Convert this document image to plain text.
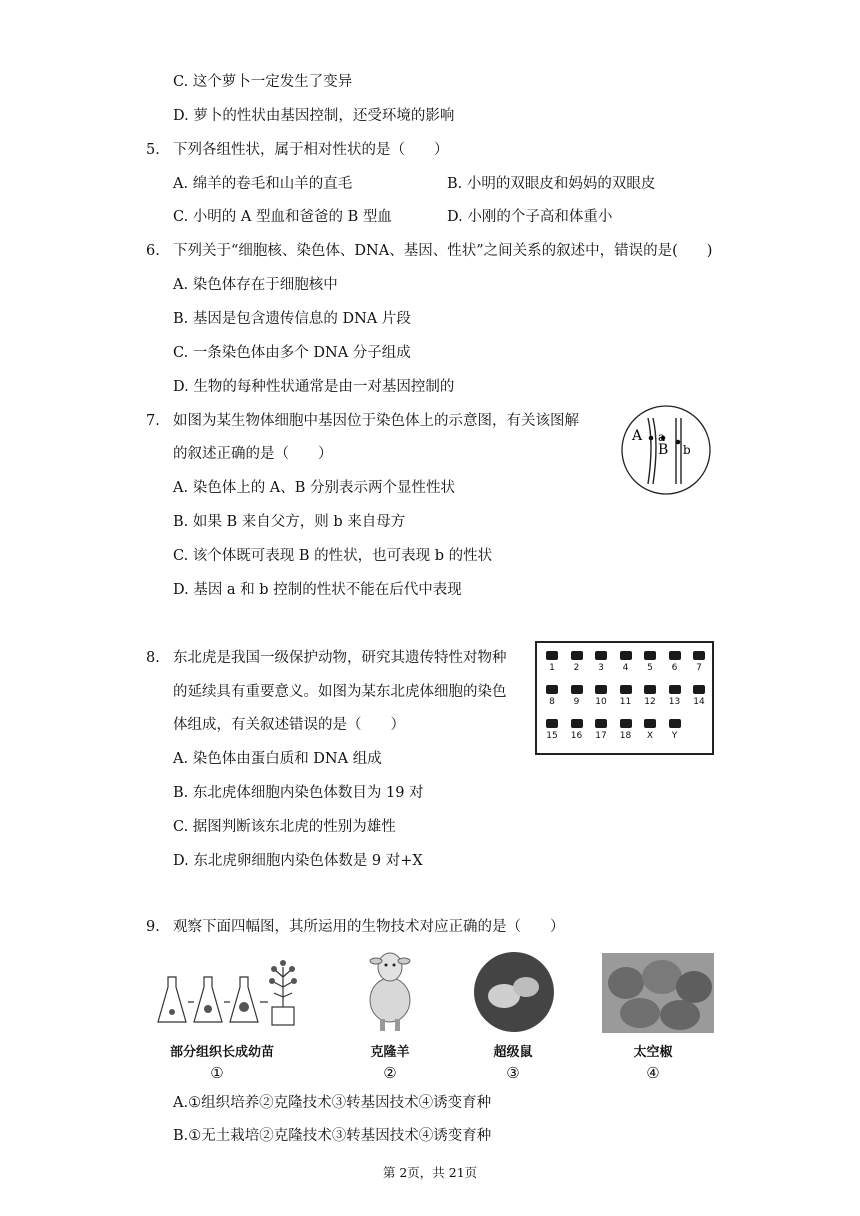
C. 这个萝卜一定发生了变异
D. 萝卜的性状由基因控制，还受环境的影响
5. 下列各组性状，属于相对性状的是（　　）
A. 绵羊的卷毛和山羊的直毛	B. 小明的双眼皮和妈妈的双眼皮
C. 小明的 A 型血和爸爸的 B 型血	D. 小刚的个子高和体重小
6. 下列关于“细胞核、染色体、DNA、基因、性状”之间关系的叙述中，错误的是(　　)
A. 染色体存在于细胞核中
B. 基因是包含遗传信息的 DNA 片段
C. 一条染色体由多个 DNA 分子组成
D. 生物的每种性状通常是由一对基因控制的
7. 如图为某生物体细胞中基因位于染色体上的示意图，有关该图解
的叙述正确的是（　　）
A. 染色体上的 A、B 分别表示两个显性性状
B. 如果 B 来自父方，则 b 来自母方
C. 该个体既可表现 B 的性状，也可表现 b 的性状
D. 基因 a 和 b 控制的性状不能在后代中表现
A a
B b
8. 东北虎是我国一级保护动物，研究其遗传特性对物种
的延续具有重要意义。如图为某东北虎体细胞的染色
体组成，有关叙述错误的是（　　）
A. 染色体由蛋白质和 DNA 组成
B. 东北虎体细胞内染色体数目为 19 对
C. 据图判断该东北虎的性别为雄性
D. 东北虎卵细胞内染色体数是 9 对+X
1	2	3	4	5	6	7
8	9	10	11	12	13	14
15	16	17	18	X	Y
9. 观察下面四幅图，其所运用的生物技术对应正确的是（　　）
部分组织长成幼苗	克隆羊	超级鼠	太空椒
①	②	③	④
A.①组织培养②克隆技术③转基因技术④诱变育种
B.①无土栽培②克隆技术③转基因技术④诱变育种
第 2页，共 21页
